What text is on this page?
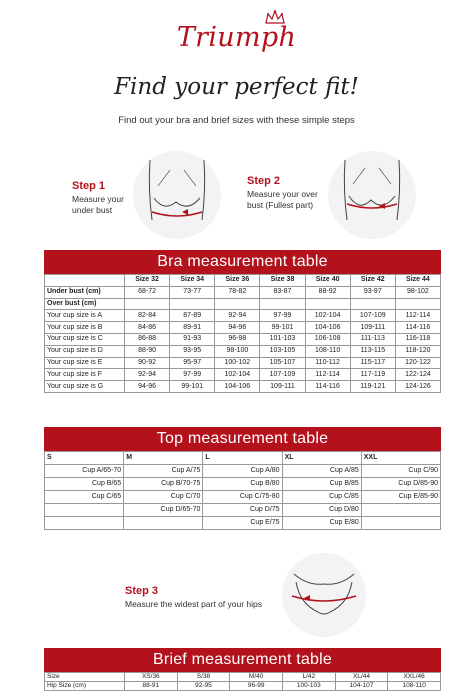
Triumph
Find your perfect fit!
Find out your bra and brief sizes with these simple steps
Step 1
Measure your under bust
Step 2
Measure your over bust (Fullest part)
Bra measurement table
	Size 32	Size 34	Size 36	Size 38	Size 40	Size 42	Size 44
Under bust (cm)	68-72	73-77	78-82	83-87	88-92	93-97	98-102
Over bust (cm)							
Your cup size is A	82-84	87-89	92-94	97-99	102-104	107-109	112-114
Your cup size is B	84-86	89-91	94-96	99-101	104-106	109-111	114-116
Your cup size is C	86-88	91-93	96-98	101-103	106-108	111-113	116-118
Your cup size is D	88-90	93-95	98-100	103-105	108-110	113-115	118-120
Your cup size is E	90-92	95-97	100-102	105-107	110-112	115-117	120-122
Your cup size is F	92-94	97-99	102-104	107-109	112-114	117-119	122-124
Your cup size is G	94-96	99-101	104-106	109-111	114-116	119-121	124-126
Top measurement table
S	M	L	XL	XXL
Cup A/65-70	Cup A/75	Cup A/80	Cup A/85	Cup C/90
Cup B/65	Cup B/70-75	Cup B/80	Cup B/85	Cup D/85-90
Cup C/65	Cup C/70	Cup C/75-80	Cup C/85	Cup E/85-90
	Cup D/65-70	Cup D/75	Cup D/80	
		Cup E/75	Cup E/80	
Step 3
Measure the widest part of your hips
Brief measurement table
Size	XS/36	S/38	M/40	L/42	XL/44	XXL/46
Hip Size (cm)	88-91	92-95	96-99	100-103	104-107	108-110
